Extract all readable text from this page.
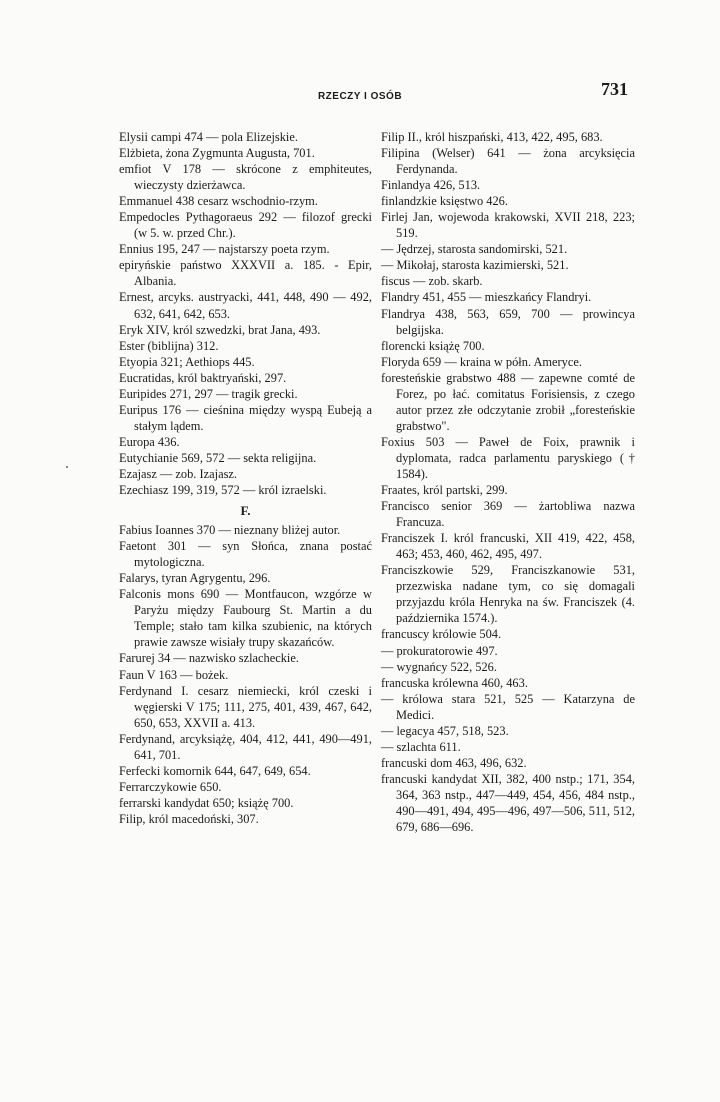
RZECZY I OSÓB	731
Elysii campi 474 — pola Elizejskie.
Elżbieta, żona Zygmunta Augusta, 701.
emfiot V 178 — skrócone z emphiteutes, wieczysty dzierżawca.
Emmanuel 438 cesarz wschodnio-rzym.
Empedocles Pythagoraeus 292 — filozof grecki (w 5. w. przed Chr.).
Ennius 195, 247 — najstarszy poeta rzym.
epiryńskie państwo XXXVII a. 185. - Epir, Albania.
Ernest, arcyks. austryacki, 441, 448, 490 — 492, 632, 641, 642, 653.
Eryk XIV, król szwedzki, brat Jana, 493.
Ester (biblijna) 312.
Etyopia 321; Aethiops 445.
Eucratidas, król baktryański, 297.
Euripides 271, 297 — tragik grecki.
Euripus 176 — cieśnina między wyspą Eubeją a stałym lądem.
Europa 436.
Eutychianie 569, 572 — sekta religijna.
Ezajasz — zob. Izajasz.
Ezechiasz 199, 319, 572 — król izraelski.
F.
Fabius Ioannes 370 — nieznany bliżej autor.
Faetont 301 — syn Słońca, znana postać mytologiczna.
Falarys, tyran Agrygentu, 296.
Falconis mons 690 — Montfaucon, wzgórze w Paryżu między Faubourg St. Martin a du Temple; stało tam kilka szubienic, na których prawie zawsze wisiały trupy skazańców.
Farurej 34 — nazwisko szlacheckie.
Faun V 163 — bożek.
Ferdynand I. cesarz niemiecki, król czeski i węgierski V 175; 111, 275, 401, 439, 467, 642, 650, 653, XXVII a. 413.
Ferdynand, arcyksiążę, 404, 412, 441, 490—491, 641, 701.
Ferfecki komornik 644, 647, 649, 654.
Ferrarczykowie 650.
ferrarski kandydat 650; książę 700.
Filip, król macedoński, 307.
Filip II., król hiszpański, 413, 422, 495, 683.
Filipina (Welser) 641 — żona arcyksięcia Ferdynanda.
Finlandya 426, 513.
finlandzkie księstwo 426.
Firlej Jan, wojewoda krakowski, XVII 218, 223; 519.
— Jędrzej, starosta sandomirski, 521.
— Mikołaj, starosta kazimierski, 521.
fiscus — zob. skarb.
Flandry 451, 455 — mieszkańcy Flandryi.
Flandrya 438, 563, 659, 700 — prowincya belgijska.
florencki książę 700.
Floryda 659 — kraina w półn. Ameryce.
foresteńskie grabstwo 488 — zapewne comté de Forez, po łać. comitatus Forisiensis, z czego autor przez złe odczytanie zrobił „foresteńskie grabstwo".
Foxius 503 — Paweł de Foix, prawnik i dyplomata, radca parlamentu paryskiego († 1584).
Fraates, król partski, 299.
Francisco senior 369 — żartobliwa nazwa Francuza.
Franciszek I. król francuski, XII 419, 422, 458, 463; 453, 460, 462, 495, 497.
Franciszkowie 529, Franciszkanowie 531, przezwiska nadane tym, co się domagali przyjazdu króla Henryka na św. Franciszek (4. października 1574.).
francuscy królowie 504.
— prokuratorowie 497.
— wygnańcy 522, 526.
francuska królewna 460, 463.
— królowa stara 521, 525 — Katarzyna de Medici.
— legacya 457, 518, 523.
— szlachta 611.
francuski dom 463, 496, 632.
francuski kandydat XII, 382, 400 nstp.; 171, 354, 364, 363 nstp., 447—449, 454, 456, 484 nstp., 490—491, 494, 495—496, 497—506, 511, 512, 679, 686—696.
